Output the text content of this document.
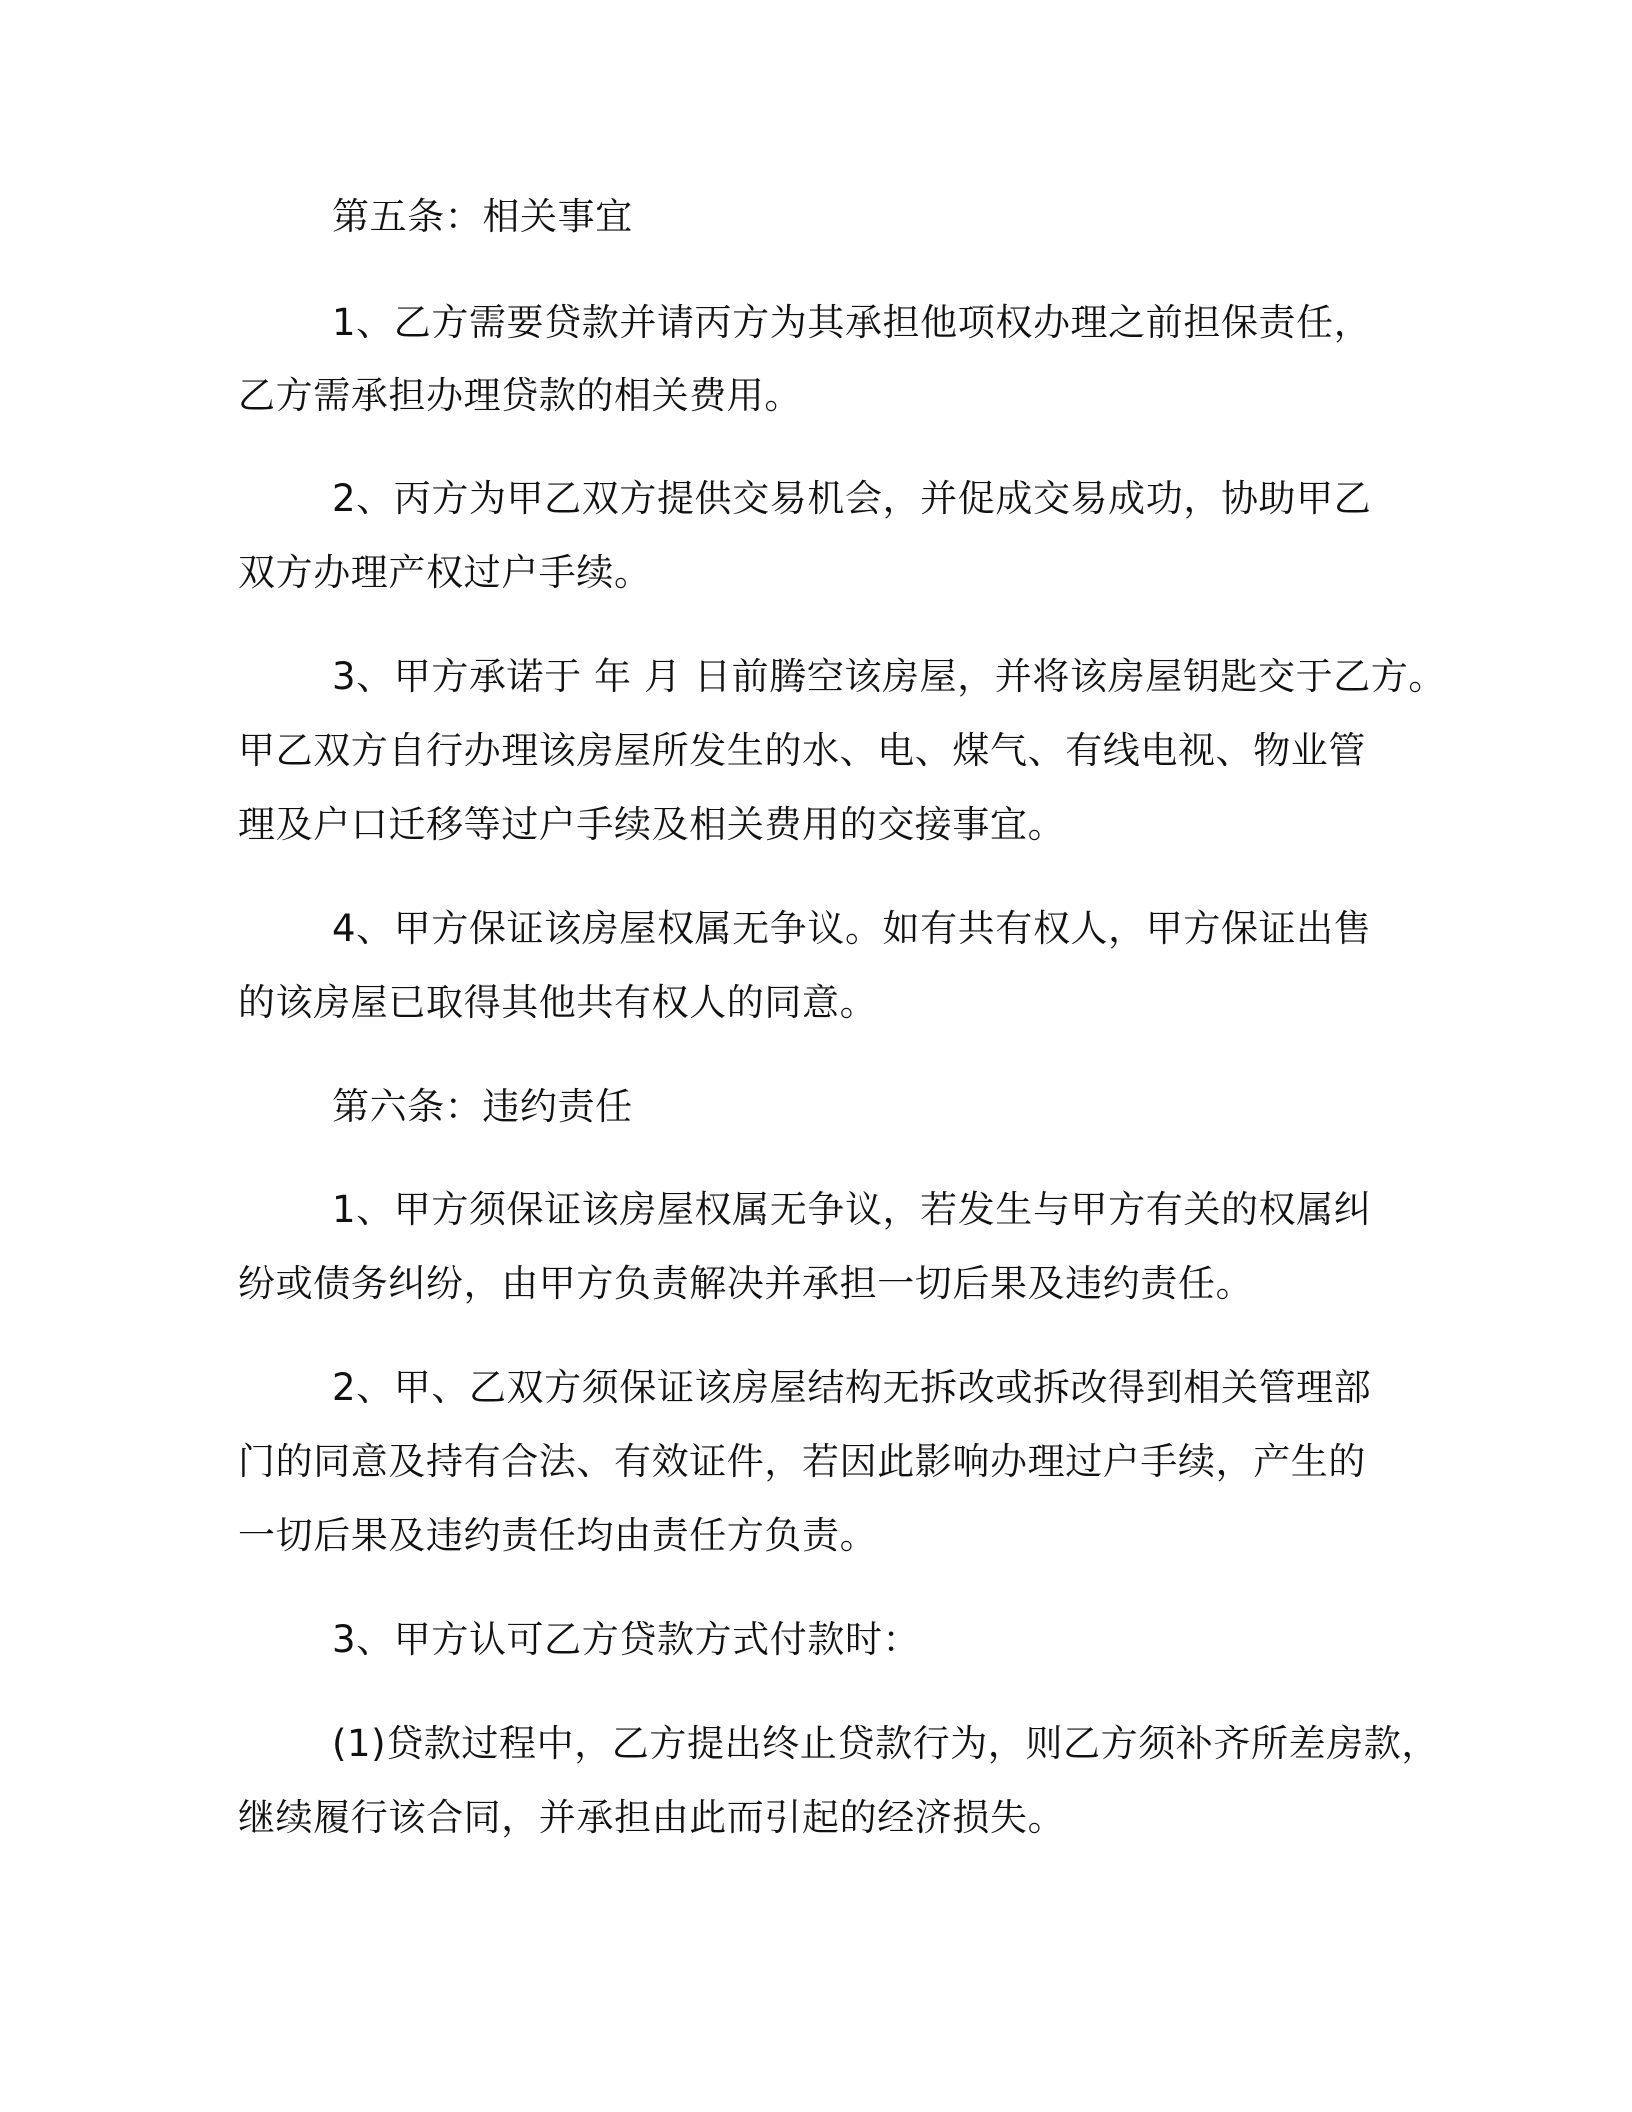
第五条：相关事宜
1、乙方需要贷款并请丙方为其承担他项权办理之前担保责任，
乙方需承担办理贷款的相关费用。
2、丙方为甲乙双方提供交易机会，并促成交易成功，协助甲乙
双方办理产权过户手续。
3、甲方承诺于 年 月 日前腾空该房屋，并将该房屋钥匙交于乙方。
甲乙双方自行办理该房屋所发生的水、电、煤气、有线电视、物业管
理及户口迁移等过户手续及相关费用的交接事宜。
4、甲方保证该房屋权属无争议。如有共有权人，甲方保证出售
的该房屋已取得其他共有权人的同意。
第六条：违约责任
1、甲方须保证该房屋权属无争议，若发生与甲方有关的权属纠
纷或债务纠纷，由甲方负责解决并承担一切后果及违约责任。
2、甲、乙双方须保证该房屋结构无拆改或拆改得到相关管理部
门的同意及持有合法、有效证件，若因此影响办理过户手续，产生的
一切后果及违约责任均由责任方负责。
3、甲方认可乙方贷款方式付款时：
(1)贷款过程中，乙方提出终止贷款行为，则乙方须补齐所差房款，
继续履行该合同，并承担由此而引起的经济损失。
